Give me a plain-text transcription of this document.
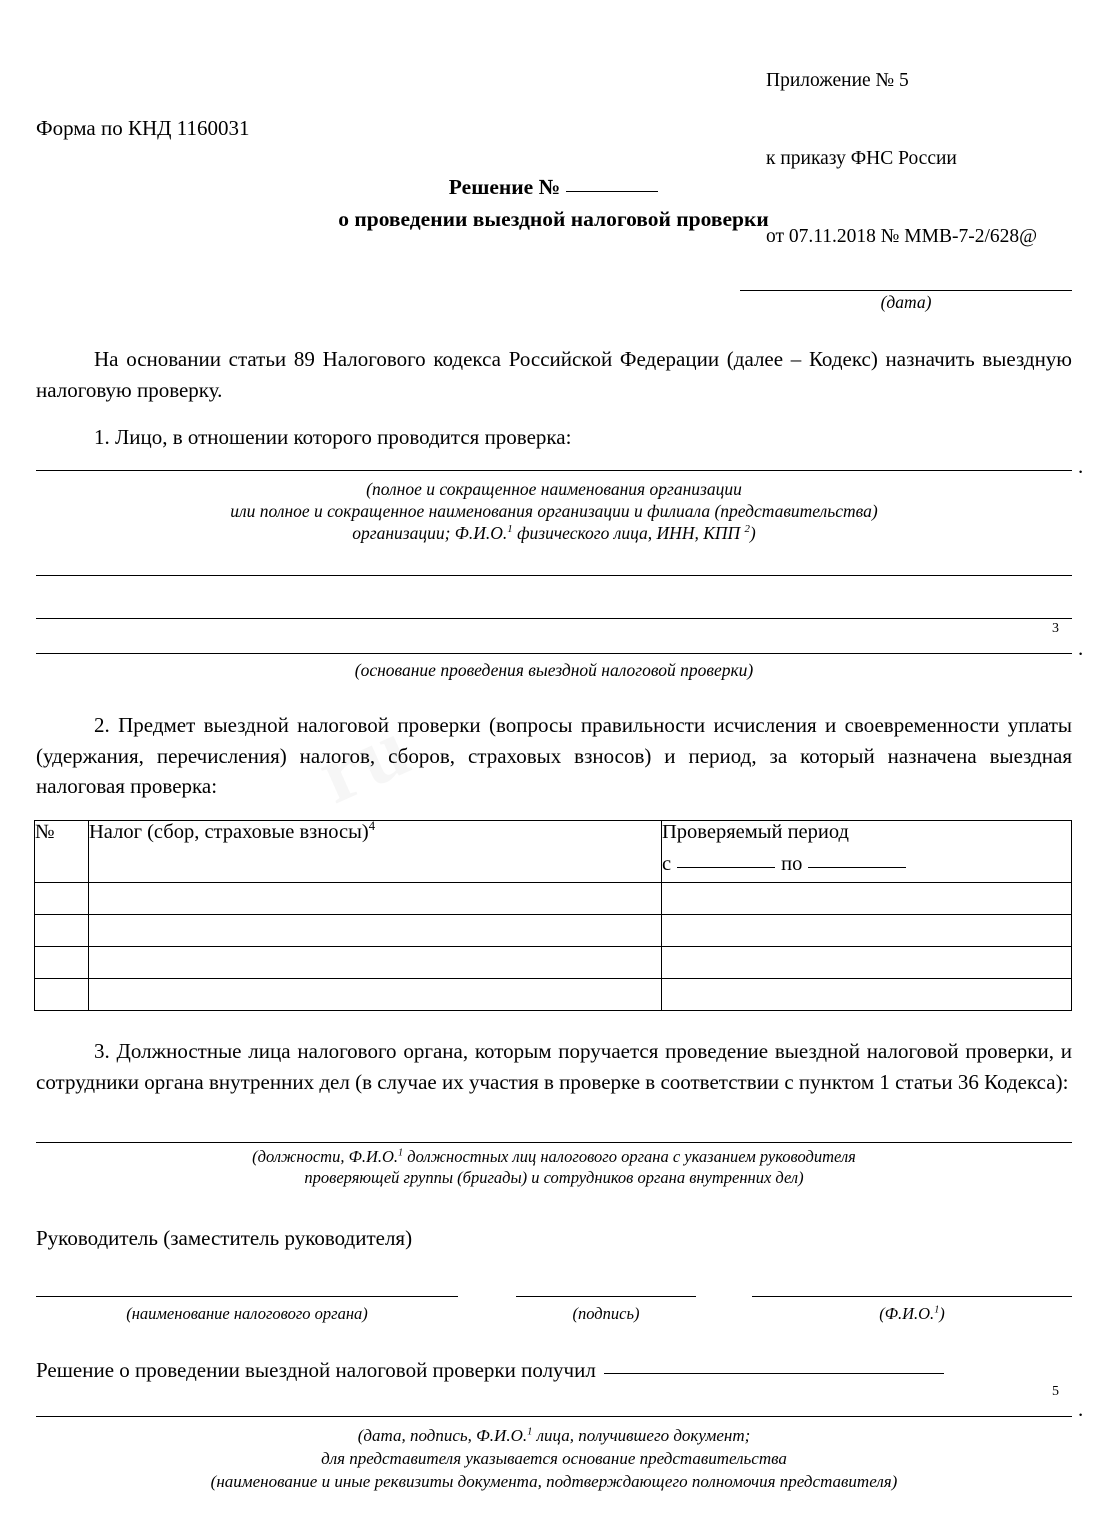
Приложение № 5

к приказу ФНС России

от 07.11.2018 № ММВ-7-2/628@

Форма по КНД 1160031
Решение №
о проведении выездной налоговой проверки
(дата)
На основании статьи 89 Налогового кодекса Российской Федерации (далее – Кодекс) назначить выездную налоговую проверку.
1. Лицо, в отношении которого проводится проверка:
.
(полное и сокращенное наименования организации
или полное и сокращенное наименования организации и филиала (представительства)
организации; Ф.И.О.$^1$ физического лица, ИНН, КПП $^2$)
3
.
(основание проведения выездной налоговой проверки)
2. Предмет выездной налоговой проверки (вопросы правильности исчисления и своевременности уплаты (удержания, перечисления) налогов, сборов, страховых взносов) и период, за который назначена выездная налоговая проверка:
№	Налог (сбор, страховые взносы)$^4$	Проверяемый период
с по

3. Должностные лица налогового органа, которым поручается проведение выездной налоговой проверки, и сотрудники органа внутренних дел (в случае их участия в проверке в соответствии с пунктом 1 статьи 36 Кодекса):
(должности, Ф.И.О.$^1$ должностных лиц налогового органа с указанием руководителя
проверяющей группы (бригады) и сотрудников органа внутренних дел)
Руководитель (заместитель руководителя)
(наименование налогового органа)	(подпись)	(Ф.И.О.$^1$)
Решение о проведении выездной налоговой проверки получил
5
.
(дата, подпись, Ф.И.О.$^1$ лица, получившего документ;
для представителя указывается основание представительства
(наименование и иные реквизиты документа, подтверждающего полномочия представителя)
